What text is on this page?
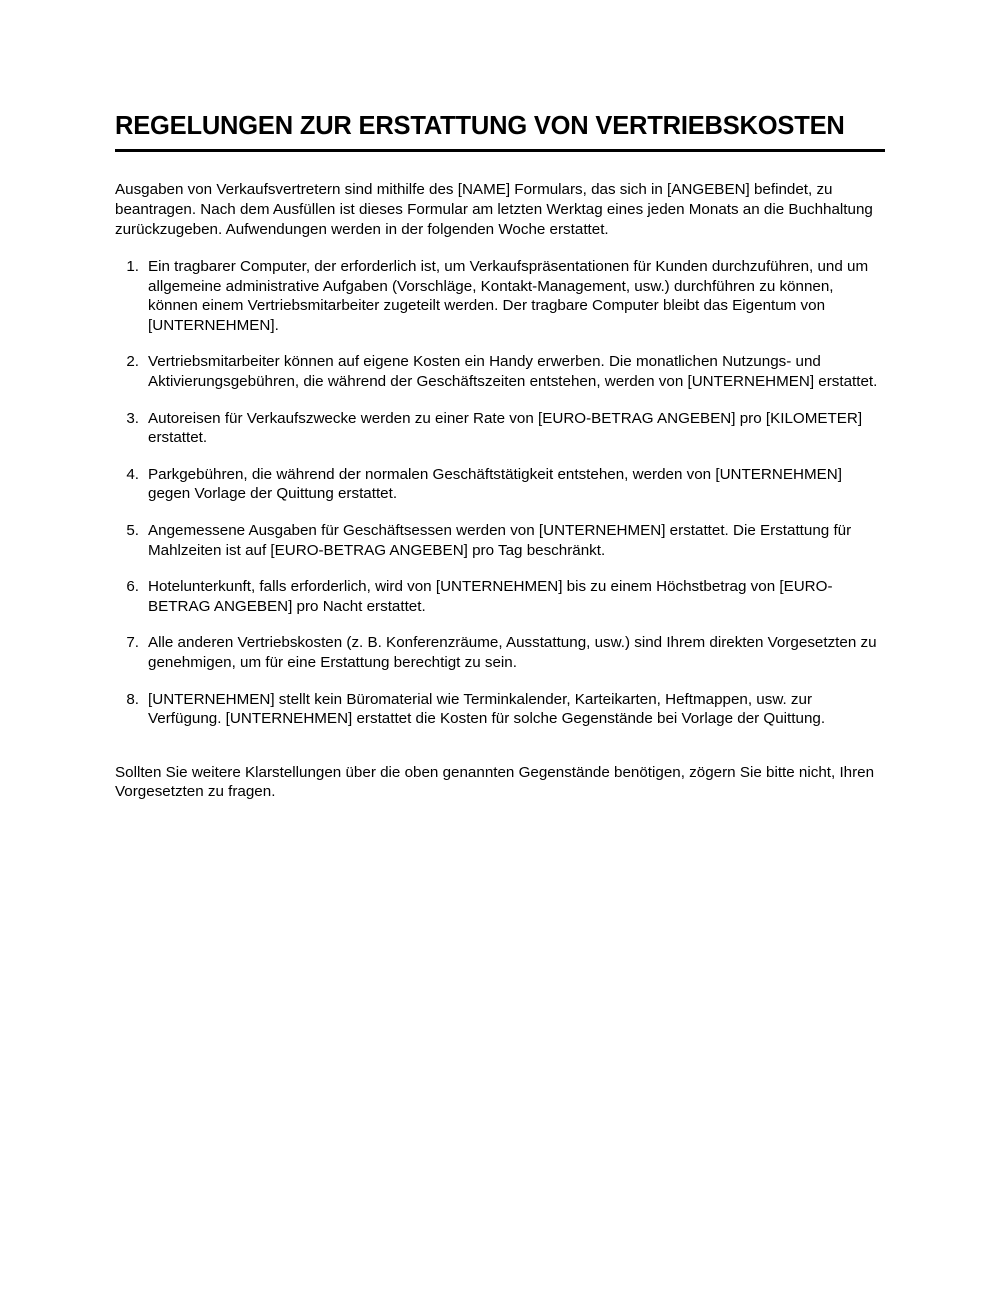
REGELUNGEN ZUR ERSTATTUNG VON VERTRIEBSKOSTEN

Ausgaben von Verkaufsvertretern sind mithilfe des [NAME] Formulars, das sich in [ANGEBEN] befindet, zu beantragen. Nach dem Ausfüllen ist dieses Formular am letzten Werktag eines jeden Monats an die Buchhaltung zurückzugeben. Aufwendungen werden in der folgenden Woche erstattet.

1. Ein tragbarer Computer, der erforderlich ist, um Verkaufspräsentationen für Kunden durchzuführen, und um allgemeine administrative Aufgaben (Vorschläge, Kontakt-Management, usw.) durchführen zu können, können einem Vertriebsmitarbeiter zugeteilt werden. Der tragbare Computer bleibt das Eigentum von [UNTERNEHMEN].
2. Vertriebsmitarbeiter können auf eigene Kosten ein Handy erwerben. Die monatlichen Nutzungs- und Aktivierungsgebühren, die während der Geschäftszeiten entstehen, werden von [UNTERNEHMEN] erstattet.
3. Autoreisen für Verkaufszwecke werden zu einer Rate von [EURO-BETRAG ANGEBEN] pro [KILOMETER] erstattet.
4. Parkgebühren, die während der normalen Geschäftstätigkeit entstehen, werden von [UNTERNEHMEN] gegen Vorlage der Quittung erstattet.
5. Angemessene Ausgaben für Geschäftsessen werden von [UNTERNEHMEN] erstattet. Die Erstattung für Mahlzeiten ist auf [EURO-BETRAG ANGEBEN] pro Tag beschränkt.
6. Hotelunterkunft, falls erforderlich, wird von [UNTERNEHMEN] bis zu einem Höchstbetrag von [EURO-BETRAG ANGEBEN] pro Nacht erstattet.
7. Alle anderen Vertriebskosten (z. B. Konferenzräume, Ausstattung, usw.) sind Ihrem direkten Vorgesetzten zu genehmigen, um für eine Erstattung berechtigt zu sein.
8. [UNTERNEHMEN] stellt kein Büromaterial wie Terminkalender, Karteikarten, Heftmappen, usw. zur Verfügung. [UNTERNEHMEN] erstattet die Kosten für solche Gegenstände bei Vorlage der Quittung.

Sollten Sie weitere Klarstellungen über die oben genannten Gegenstände benötigen, zögern Sie bitte nicht, Ihren Vorgesetzten zu fragen.
